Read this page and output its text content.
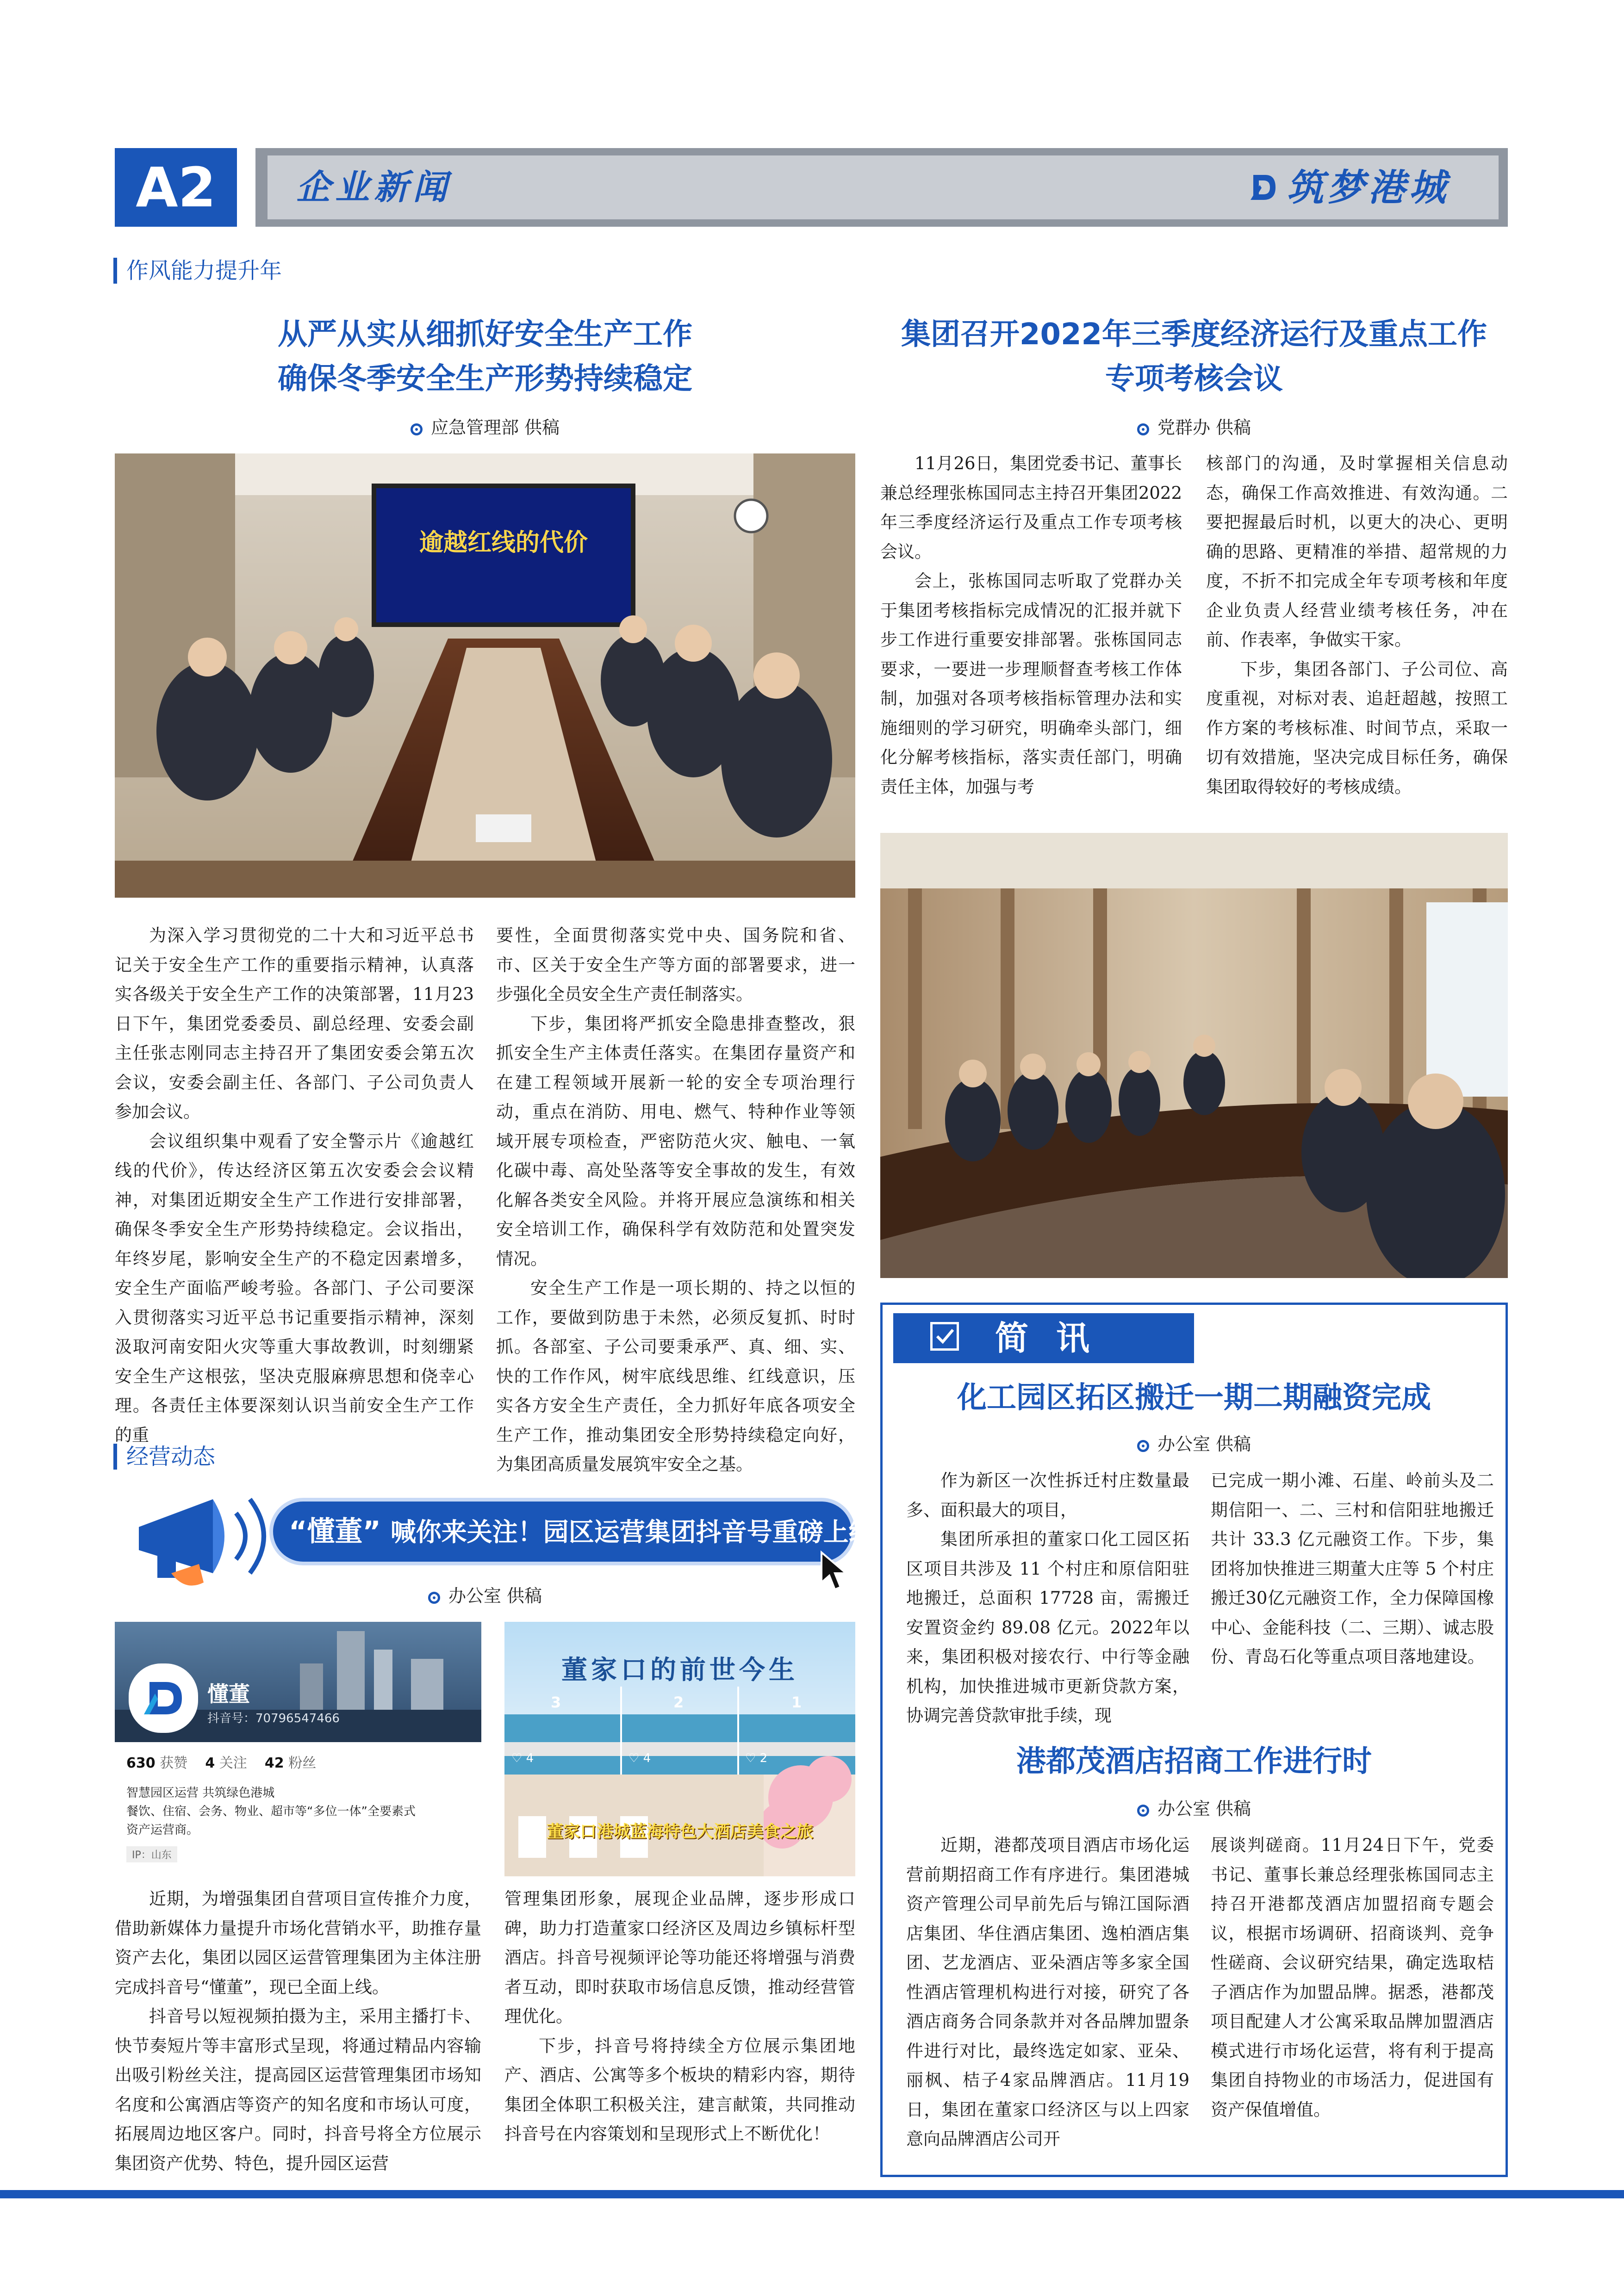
A2	企业新闻	筑梦港城
作风能力提升年
从严从实从细抓好安全生产工作
确保冬季安全生产形势持续稳定
应急管理部 供稿
逾越红线的代价

为深入学习贯彻党的二十大和习近平总书记关于安全生产工作的重要指示精神，认真落实各级关于安全生产工作的决策部署，11月23日下午，集团党委委员、副总经理、安委会副主任张志刚同志主持召开了集团安委会第五次会议，安委会副主任、各部门、子公司负责人参加会议。

会议组织集中观看了安全警示片《逾越红线的代价》，传达经济区第五次安委会会议精神，对集团近期安全生产工作进行安排部署，确保冬季安全生产形势持续稳定。会议指出，年终岁尾，影响安全生产的不稳定因素增多，安全生产面临严峻考验。各部门、子公司要深入贯彻落实习近平总书记重要指示精神，深刻汲取河南安阳火灾等重大事故教训，时刻绷紧安全生产这根弦，坚决克服麻痹思想和侥幸心理。各责任主体要深刻认识当前安全生产工作的重

要性，全面贯彻落实党中央、国务院和省、市、区关于安全生产等方面的部署要求，进一步强化全员安全生产责任制落实。

下步，集团将严抓安全隐患排查整改，狠抓安全生产主体责任落实。在集团存量资产和在建工程领域开展新一轮的安全专项治理行动，重点在消防、用电、燃气、特种作业等领域开展专项检查，严密防范火灾、触电、一氧化碳中毒、高处坠落等安全事故的发生，有效化解各类安全风险。并将开展应急演练和相关安全培训工作，确保科学有效防范和处置突发情况。

安全生产工作是一项长期的、持之以恒的工作，要做到防患于未然，必须反复抓、时时抓。各部室、子公司要秉承严、真、细、实、快的工作作风，树牢底线思维、红线意识，压实各方安全生产责任，全力抓好年底各项安全生产工作，推动集团安全形势持续稳定向好，为集团高质量发展筑牢安全之基。

集团召开2022年三季度经济运行及重点工作
专项考核会议
党群办 供稿

11月26日，集团党委书记、董事长兼总经理张栋国同志主持召开集团2022年三季度经济运行及重点工作专项考核会议。

会上，张栋国同志听取了党群办关于集团考核指标完成情况的汇报并就下步工作进行重要安排部署。张栋国同志要求，一要进一步理顺督查考核工作体制，加强对各项考核指标管理办法和实施细则的学习研究，明确牵头部门，细化分解考核指标，落实责任部门，明确责任主体，加强与考

核部门的沟通，及时掌握相关信息动态，确保工作高效推进、有效沟通。二要把握最后时机，以更大的决心、更明确的思路、更精准的举措、超常规的力度，不折不扣完成全年专项考核和年度企业负责人经营业绩考核任务，冲在前、作表率，争做实干家。

下步，集团各部门、子公司位、高度重视，对标对表、追赶超越，按照工作方案的考核标准、时间节点，采取一切有效措施，坚决完成目标任务，确保集团取得较好的考核成绩。

经营动态
“懂董” 喊你来关注！园区运营集团抖音号重磅上线
办公室 供稿
懂董
抖音号：70796547466
630 获赞 4 关注 42 粉丝
智慧园区运营 共筑绿色港城
餐饮、住宿、会务、物业、超市等“多位一体”全要素式
资产运营商。
IP：山东
董家口的前世今生
3	2	1
♡ 4	♡ 4	♡ 2
董家口港城蓝海特色大酒店美食之旅

近期，为增强集团自营项目宣传推介力度，借助新媒体力量提升市场化营销水平，助推存量资产去化，集团以园区运营管理集团为主体注册完成抖音号“懂董”，现已全面上线。

抖音号以短视频拍摄为主，采用主播打卡、快节奏短片等丰富形式呈现，将通过精品内容输出吸引粉丝关注，提高园区运营管理集团市场知名度和公寓酒店等资产的知名度和市场认可度，拓展周边地区客户。同时，抖音号将全方位展示集团资产优势、特色，提升园区运营

管理集团形象，展现企业品牌，逐步形成口碑，助力打造董家口经济区及周边乡镇标杆型酒店。抖音号视频评论等功能还将增强与消费者互动，即时获取市场信息反馈，推动经营管理优化。

下步，抖音号将持续全方位展示集团地产、酒店、公寓等多个板块的精彩内容，期待集团全体职工积极关注，建言献策，共同推动抖音号在内容策划和呈现形式上不断优化！

简讯
化工园区拓区搬迁一期二期融资完成
办公室 供稿

作为新区一次性拆迁村庄数量最多、面积最大的项目，

集团所承担的董家口化工园区拓区项目共涉及 11 个村庄和原信阳驻地搬迁，总面积 17728 亩，需搬迁安置资金约 89.08 亿元。2022年以来，集团积极对接农行、中行等金融机构，加快推进城市更新贷款方案，协调完善贷款审批手续，现

已完成一期小滩、石崖、岭前头及二期信阳一、二、三村和信阳驻地搬迁共计 33.3 亿元融资工作。下步，集团将加快推进三期董大庄等 5 个村庄搬迁30亿元融资工作，全力保障国橡中心、金能科技（二、三期）、诚志股份、青岛石化等重点项目落地建设。

港都茂酒店招商工作进行时
办公室 供稿

近期，港都茂项目酒店市场化运营前期招商工作有序进行。集团港城资产管理公司早前先后与锦江国际酒店集团、华住酒店集团、逸柏酒店集团、艺龙酒店、亚朵酒店等多家全国性酒店管理机构进行对接，研究了各酒店商务合同条款并对各品牌加盟条件进行对比，最终选定如家、亚朵、丽枫、桔子4家品牌酒店。11月19日，集团在董家口经济区与以上四家意向品牌酒店公司开

展谈判磋商。11月24日下午，党委书记、董事长兼总经理张栋国同志主持召开港都茂酒店加盟招商专题会议，根据市场调研、招商谈判、竞争性磋商、会议研究结果，确定选取桔子酒店作为加盟品牌。据悉，港都茂项目配建人才公寓采取品牌加盟酒店模式进行市场化运营，将有利于提高集团自持物业的市场活力，促进国有资产保值增值。
